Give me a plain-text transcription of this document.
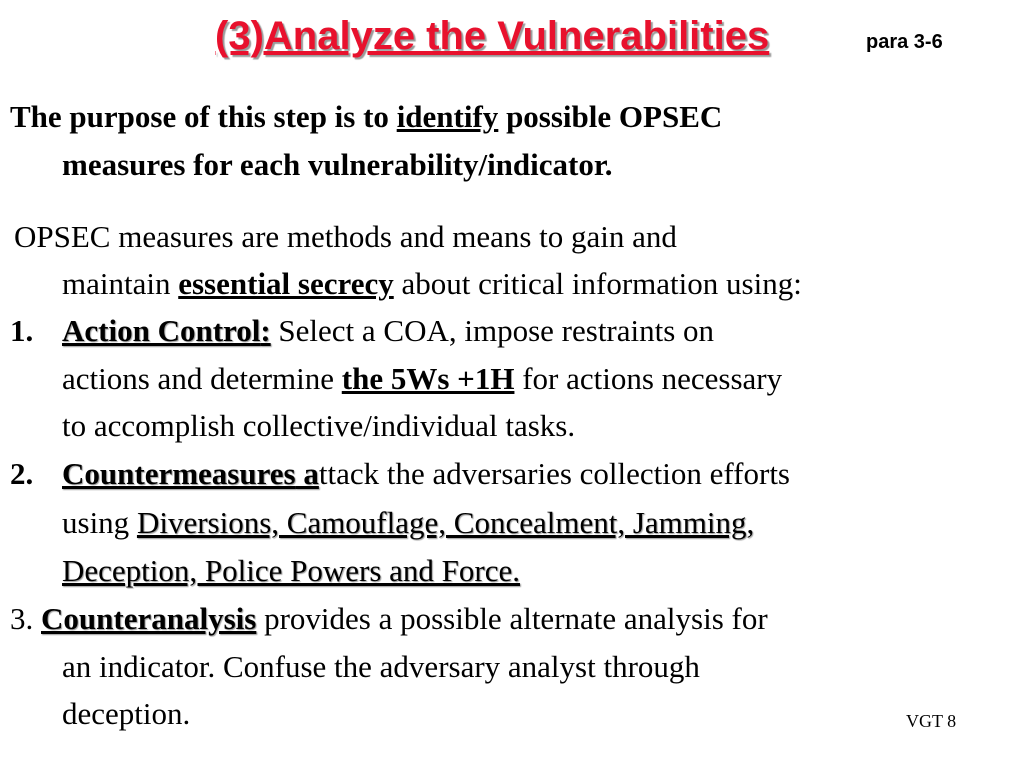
(3)Analyze the Vulnerabilities	para 3-6
The purpose of this step is to identify possible OPSEC
measures for each vulnerability/indicator.
OPSEC measures are methods and means to gain and
maintain essential secrecy about critical information using:
1. Action Control: Select a COA, impose restraints on
actions and determine the 5Ws +1H for actions necessary
to accomplish collective/individual tasks.
2. Countermeasures attack the adversaries collection efforts
using Diversions, Camouflage, Concealment, Jamming,
Deception, Police Powers and Force.
3. Counteranalysis provides a possible alternate analysis for
an indicator. Confuse the adversary analyst through
deception.	VGT 8
